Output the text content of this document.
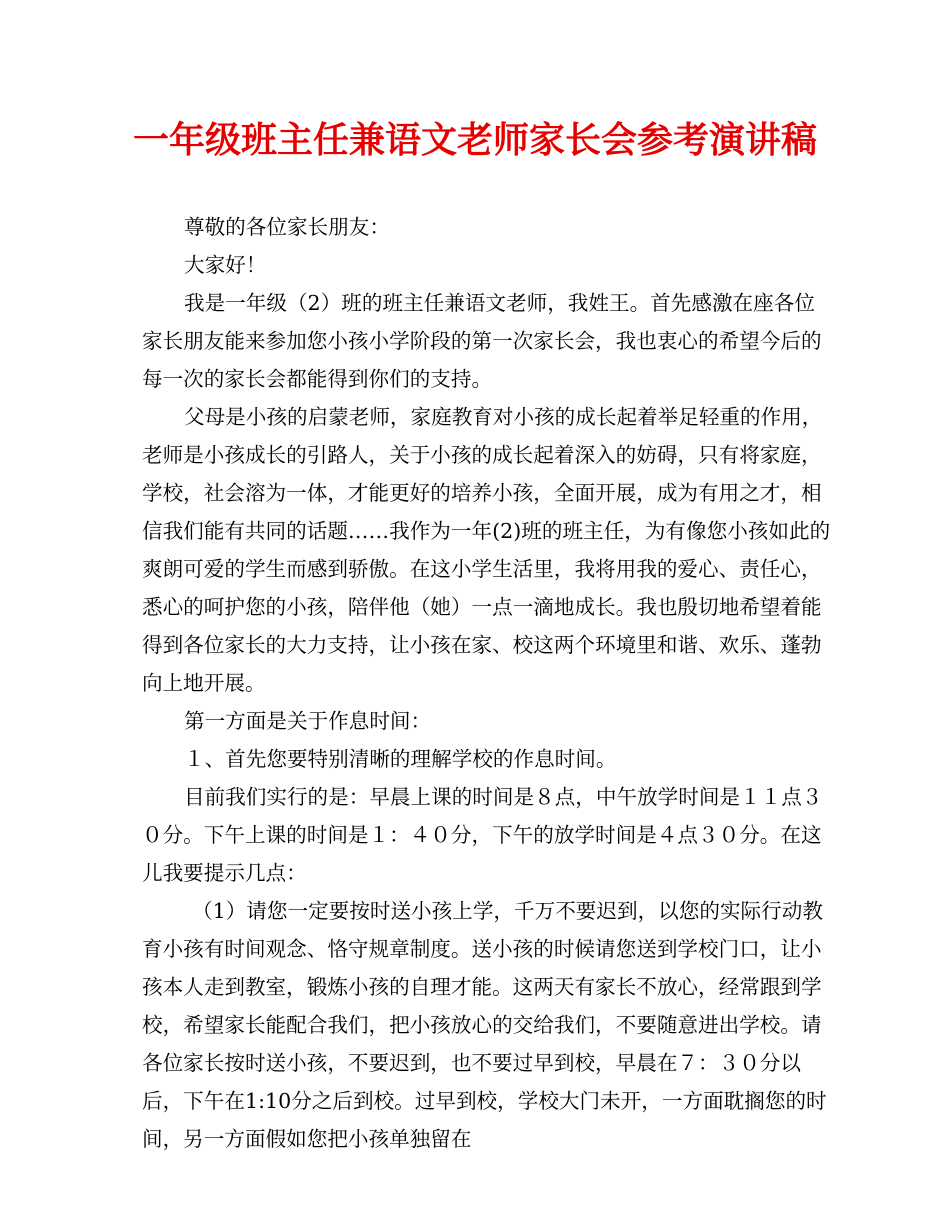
一年级班主任兼语文老师家长会参考演讲稿

尊敬的各位家长朋友：

大家好！

我是一年级（2）班的班主任兼语文老师，我姓王。首先感激在座各位家长朋友能来参加您小孩小学阶段的第一次家长会，我也衷心的希望今后的每一次的家长会都能得到你们的支持。

父母是小孩的启蒙老师，家庭教育对小孩的成长起着举足轻重的作用，老师是小孩成长的引路人，关于小孩的成长起着深入的妨碍，只有将家庭，学校，社会溶为一体，才能更好的培养小孩，全面开展，成为有用之才，相信我们能有共同的话题……我作为一年(2)班的班主任，为有像您小孩如此的爽朗可爱的学生而感到骄傲。在这小学生活里，我将用我的爱心、责任心，悉心的呵护您的小孩，陪伴他（她）一点一滴地成长。我也殷切地希望着能得到各位家长的大力支持，让小孩在家、校这两个环境里和谐、欢乐、蓬勃向上地开展。

第一方面是关于作息时间：

１、首先您要特别清晰的理解学校的作息时间。

目前我们实行的是：早晨上课的时间是８点，中午放学时间是１１点３０分。下午上课的时间是１：４０分，下午的放学时间是４点３０分。在这儿我要提示几点：

（1）请您一定要按时送小孩上学，千万不要迟到，以您的实际行动教育小孩有时间观念、恪守规章制度。送小孩的时候请您送到学校门口，让小孩本人走到教室，锻炼小孩的自理才能。这两天有家长不放心，经常跟到学校，希望家长能配合我们，把小孩放心的交给我们，不要随意进出学校。请各位家长按时送小孩，不要迟到，也不要过早到校，早晨在７：３０分以后，下午在1:10分之后到校。过早到校，学校大门未开，一方面耽搁您的时间，另一方面假如您把小孩单独留在
